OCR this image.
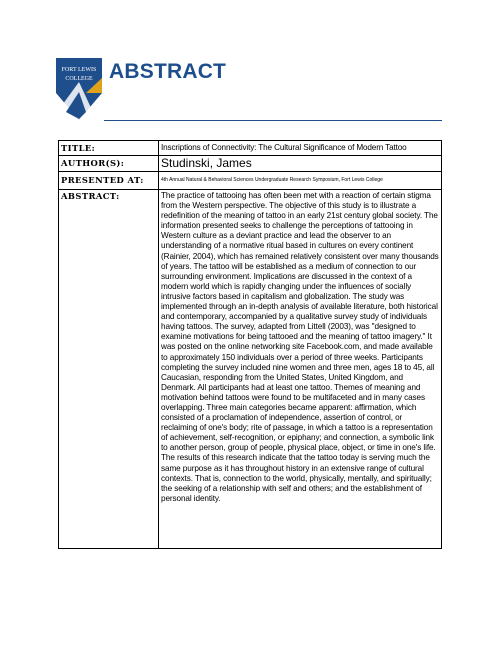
FORT LEWIS
COLLEGE ABSTRACT
TITLE:	Inscriptions of Connectivity: The Cultural Significance of Modern Tattoo
AUTHOR(S):	Studinski, James
PRESENTED AT:	4th Annual Natural & Behavioral Sciences Undergraduate Research Symposium, Fort Lewis College
ABSTRACT:	The practice of tattooing has often been met with a reaction of certain stigma from the Western perspective. The objective of this study is to illustrate a redefinition of the meaning of tattoo in an early 21st century global society. The information presented seeks to challenge the perceptions of tattooing in Western culture as a deviant practice and lead the observer to an understanding of a normative ritual based in cultures on every continent (Rainier, 2004), which has remained relatively consistent over many thousands of years. The tattoo will be established as a medium of connection to our surrounding environment. Implications are discussed in the context of a modern world which is rapidly changing under the influences of socially intrusive factors based in capitalism and globalization. The study was implemented through an in-depth analysis of available literature, both historical and contemporary, accompanied by a qualitative survey study of individuals having tattoos. The survey, adapted from Littell (2003), was "designed to examine motivations for being tattooed and the meaning of tattoo imagery." It was posted on the online networking site Facebook.com, and made available to approximately 150 individuals over a period of three weeks. Participants completing the survey included nine women and three men, ages 18 to 45, all Caucasian, responding from the United States, United Kingdom, and Denmark. All participants had at least one tattoo. Themes of meaning and motivation behind tattoos were found to be multifaceted and in many cases overlapping. Three main categories became apparent: affirmation, which consisted of a proclamation of independence, assertion of control, or reclaiming of one's body; rite of passage, in which a tattoo is a representation of achievement, self-recognition, or epiphany; and connection, a symbolic link to another person, group of people, physical place, object, or time in one's life. The results of this research indicate that the tattoo today is serving much the same purpose as it has throughout history in an extensive range of cultural contexts. That is, connection to the world, physically, mentally, and spiritually; the seeking of a relationship with self and others; and the establishment of personal identity.
